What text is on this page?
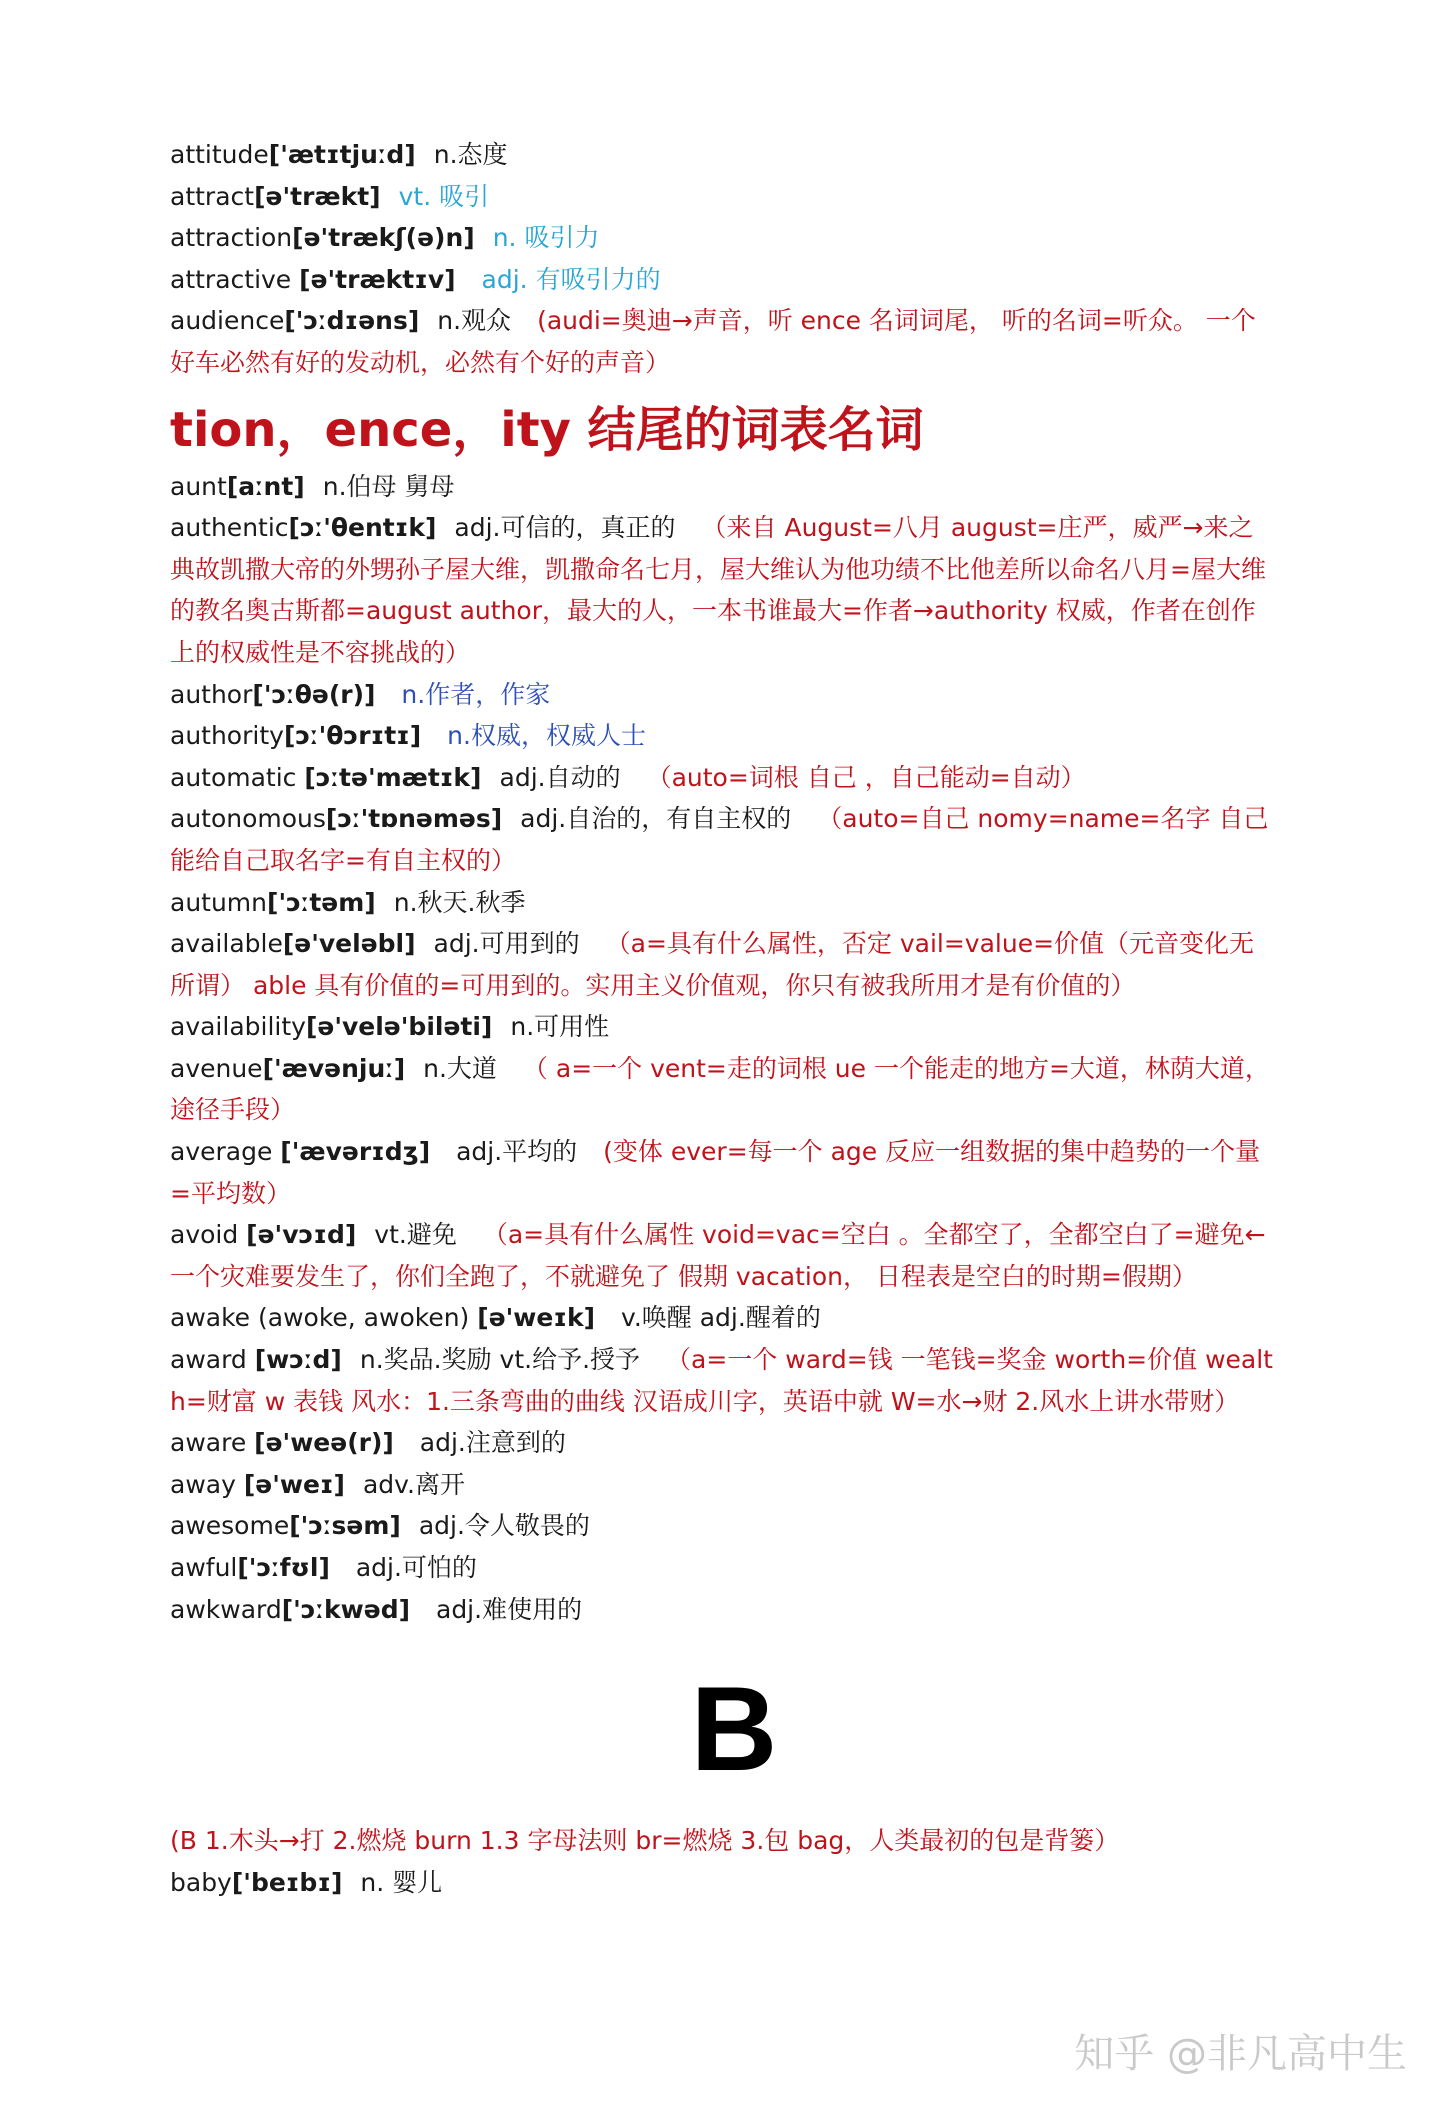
attitude['ætɪtjuːd] n.态度
attract[ə'trækt] vt. 吸引
attraction[ə'trækʃ(ə)n] n. 吸引力
attractive [ə'træktɪv] adj. 有吸引力的
audience['ɔːdɪəns] n.观众 (audi=奥迪→声音，听 ence 名词词尾， 听的名词=听众。 一个好车必然有好的发动机，必然有个好的声音）
tion，ence，ity 结尾的词表名词
aunt[aːnt] n.伯母 舅母
authentic[ɔː'θentɪk] adj.可信的，真正的 （来自 August=八月 august=庄严，威严→来之典故凯撒大帝的外甥孙子屋大维，凯撒命名七月，屋大维认为他功绩不比他差所以命名八月=屋大维的教名奥古斯都=august author，最大的人，一本书谁最大=作者→authority 权威，作者在创作上的权威性是不容挑战的）
author['ɔːθə(r)] n.作者，作家
authority[ɔː'θɔrɪtɪ] n.权威，权威人士
automatic [ɔːtə'mætɪk] adj.自动的 （auto=词根 自己 ，自己能动=自动）
autonomous[ɔː'tɒnəməs] adj.自治的，有自主权的 （auto=自己 nomy=name=名字 自己能给自己取名字=有自主权的）
autumn['ɔːtəm] n.秋天.秋季
available[ə'veləbl] adj.可用到的 （a=具有什么属性，否定 vail=value=价值（元音变化无所谓） able 具有价值的=可用到的。实用主义价值观，你只有被我所用才是有价值的）
availability[ə'velə'bilәti] n.可用性
avenue['ævənjuː] n.大道 （ a=一个 vent=走的词根 ue 一个能走的地方=大道，林荫大道，途径手段）
average ['ævərɪdʒ] adj.平均的 (变体 ever=每一个 age 反应一组数据的集中趋势的一个量=平均数）
avoid [ə'vɔɪd] vt.避免 （a=具有什么属性 void=vac=空白 。全都空了，全都空白了=避免←一个灾难要发生了，你们全跑了，不就避免了 假期 vacation， 日程表是空白的时期=假期）
awake (awoke, awoken) [ə'weɪk] v.唤醒 adj.醒着的
award [wɔːd] n.奖品.奖励 vt.给予.授予 （a=一个 ward=钱 一笔钱=奖金 worth=价值 wealth=财富 w 表钱 风水：1.三条弯曲的曲线 汉语成川字，英语中就 W=水→财 2.风水上讲水带财）
aware [ə'weə(r)] adj.注意到的
away [ə'weɪ] adv.离开
awesome['ɔːsəm] adj.令人敬畏的
awful['ɔːfʊl] adj.可怕的
awkward['ɔːkwəd] adj.难使用的
B
(B 1.木头→打 2.燃烧 burn 1.3 字母法则 br=燃烧 3.包 bag，人类最初的包是背篓）
baby['beɪbɪ] n. 婴儿
知乎 @非凡高中生
